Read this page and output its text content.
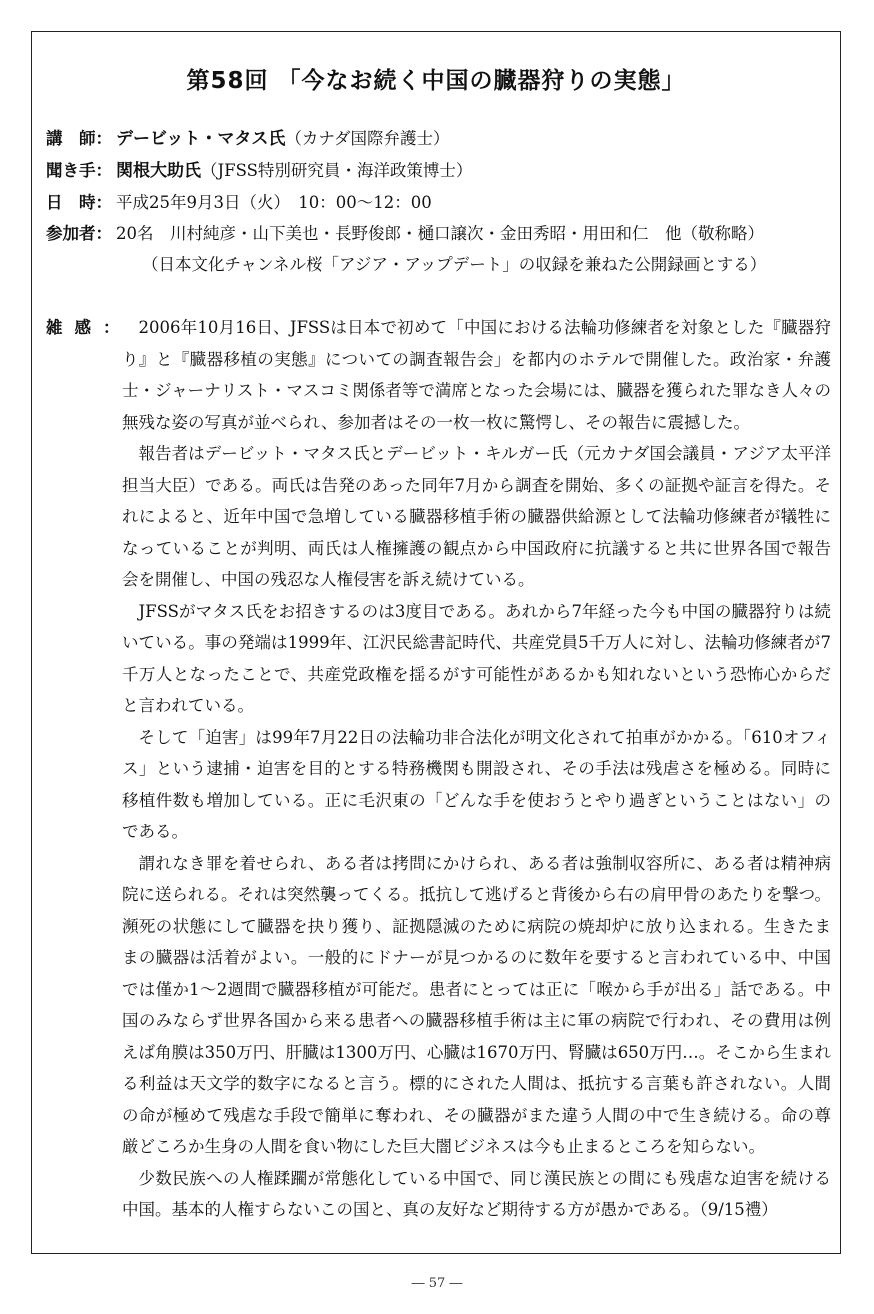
第58回 「今なお続く中国の臓器狩りの実態」
講　師： デービット・マタス氏（カナダ国際弁護士）
聞き手： 関根大助氏（JFSS特別研究員・海洋政策博士）
日　時： 平成25年9月3日（火）　10：00～12：00
参加者： 20名　川村純彦・山下美也・長野俊郎・樋口譲次・金田秀昭・用田和仁　他（敬称略）
（日本文化チャンネル桜「アジア・アップデート」の収録を兼ねた公開録画とする）
雑感： 2006年10月16日、JFSSは日本で初めて「中国における法輪功修練者を対象とした『臓器狩り』と『臓器移植の実態』についての調査報告会」を都内のホテルで開催した。政治家・弁護士・ジャーナリスト・マスコミ関係者等で満席となった会場には、臓器を獲られた罪なき人々の無残な姿の写真が並べられ、参加者はその一枚一枚に驚愕し、その報告に震撼した。

報告者はデービット・マタス氏とデービット・キルガー氏（元カナダ国会議員・アジア太平洋担当大臣）である。両氏は告発のあった同年7月から調査を開始、多くの証拠や証言を得た。それによると、近年中国で急増している臓器移植手術の臓器供給源として法輪功修練者が犠牲になっていることが判明、両氏は人権擁護の観点から中国政府に抗議すると共に世界各国で報告会を開催し、中国の残忍な人権侵害を訴え続けている。

JFSSがマタス氏をお招きするのは3度目である。あれから7年経った今も中国の臓器狩りは続いている。事の発端は1999年、江沢民総書記時代、共産党員5千万人に対し、法輪功修練者が7千万人となったことで、共産党政権を揺るがす可能性があるかも知れないという恐怖心からだと言われている。

そして「迫害」は99年7月22日の法輪功非合法化が明文化されて拍車がかかる。「610オフィス」という逮捕・迫害を目的とする特務機関も開設され、その手法は残虐さを極める。同時に移植件数も増加している。正に毛沢東の「どんな手を使おうとやり過ぎということはない」のである。

謂れなき罪を着せられ、ある者は拷問にかけられ、ある者は強制収容所に、ある者は精神病院に送られる。それは突然襲ってくる。抵抗して逃げると背後から右の肩甲骨のあたりを撃つ。瀕死の状態にして臓器を抉り獲り、証拠隠滅のために病院の焼却炉に放り込まれる。生きたままの臓器は活着がよい。一般的にドナーが見つかるのに数年を要すると言われている中、中国では僅か1～2週間で臓器移植が可能だ。患者にとっては正に「喉から手が出る」話である。中国のみならず世界各国から来る患者への臓器移植手術は主に軍の病院で行われ、その費用は例えば角膜は350万円、肝臓は1300万円、心臓は1670万円、腎臓は650万円…。そこから生まれる利益は天文学的数字になると言う。標的にされた人間は、抵抗する言葉も許されない。人間の命が極めて残虐な手段で簡単に奪われ、その臓器がまた違う人間の中で生き続ける。命の尊厳どころか生身の人間を食い物にした巨大闇ビジネスは今も止まるところを知らない。

少数民族への人権蹂躙が常態化している中国で、同じ漢民族との間にも残虐な迫害を続ける中国。基本的人権すらないこの国と、真の友好など期待する方が愚かである。（9/15禮）

― 57 ―
